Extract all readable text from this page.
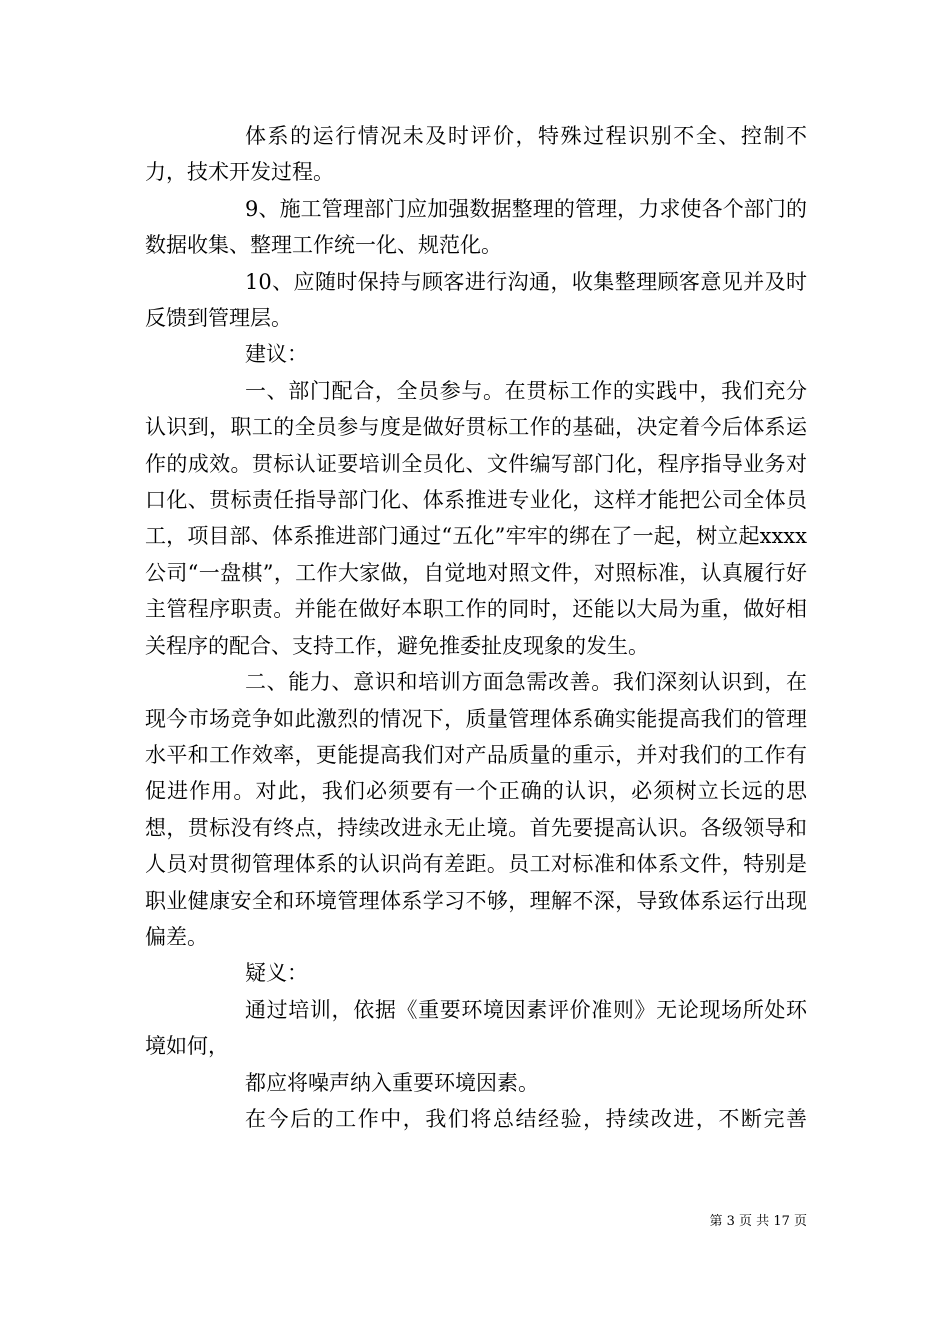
体系的运行情况未及时评价，特殊过程识别不全、控制不力，技术开发过程。

9、施工管理部门应加强数据整理的管理，力求使各个部门的数据收集、整理工作统一化、规范化。

10、应随时保持与顾客进行沟通，收集整理顾客意见并及时反馈到管理层。

建议：

一、部门配合，全员参与。在贯标工作的实践中，我们充分认识到，职工的全员参与度是做好贯标工作的基础，决定着今后体系运作的成效。贯标认证要培训全员化、文件编写部门化，程序指导业务对口化、贯标责任指导部门化、体系推进专业化，这样才能把公司全体员工，项目部、体系推进部门通过“五化”牢牢的绑在了一起，树立起xxxx公司“一盘棋”，工作大家做，自觉地对照文件，对照标准，认真履行好主管程序职责。并能在做好本职工作的同时，还能以大局为重，做好相关程序的配合、支持工作，避免推委扯皮现象的发生。

二、能力、意识和培训方面急需改善。我们深刻认识到，在现今市场竞争如此激烈的情况下，质量管理体系确实能提高我们的管理水平和工作效率，更能提高我们对产品质量的重示，并对我们的工作有促进作用。对此，我们必须要有一个正确的认识，必须树立长远的思想，贯标没有终点，持续改进永无止境。首先要提高认识。各级领导和人员对贯彻管理体系的认识尚有差距。员工对标准和体系文件，特别是职业健康安全和环境管理体系学习不够，理解不深，导致体系运行出现偏差。

疑义：

通过培训，依据《重要环境因素评价准则》无论现场所处环境如何，

都应将噪声纳入重要环境因素。

在今后的工作中，我们将总结经验，持续改进，不断完善

第 3 页 共 17 页
